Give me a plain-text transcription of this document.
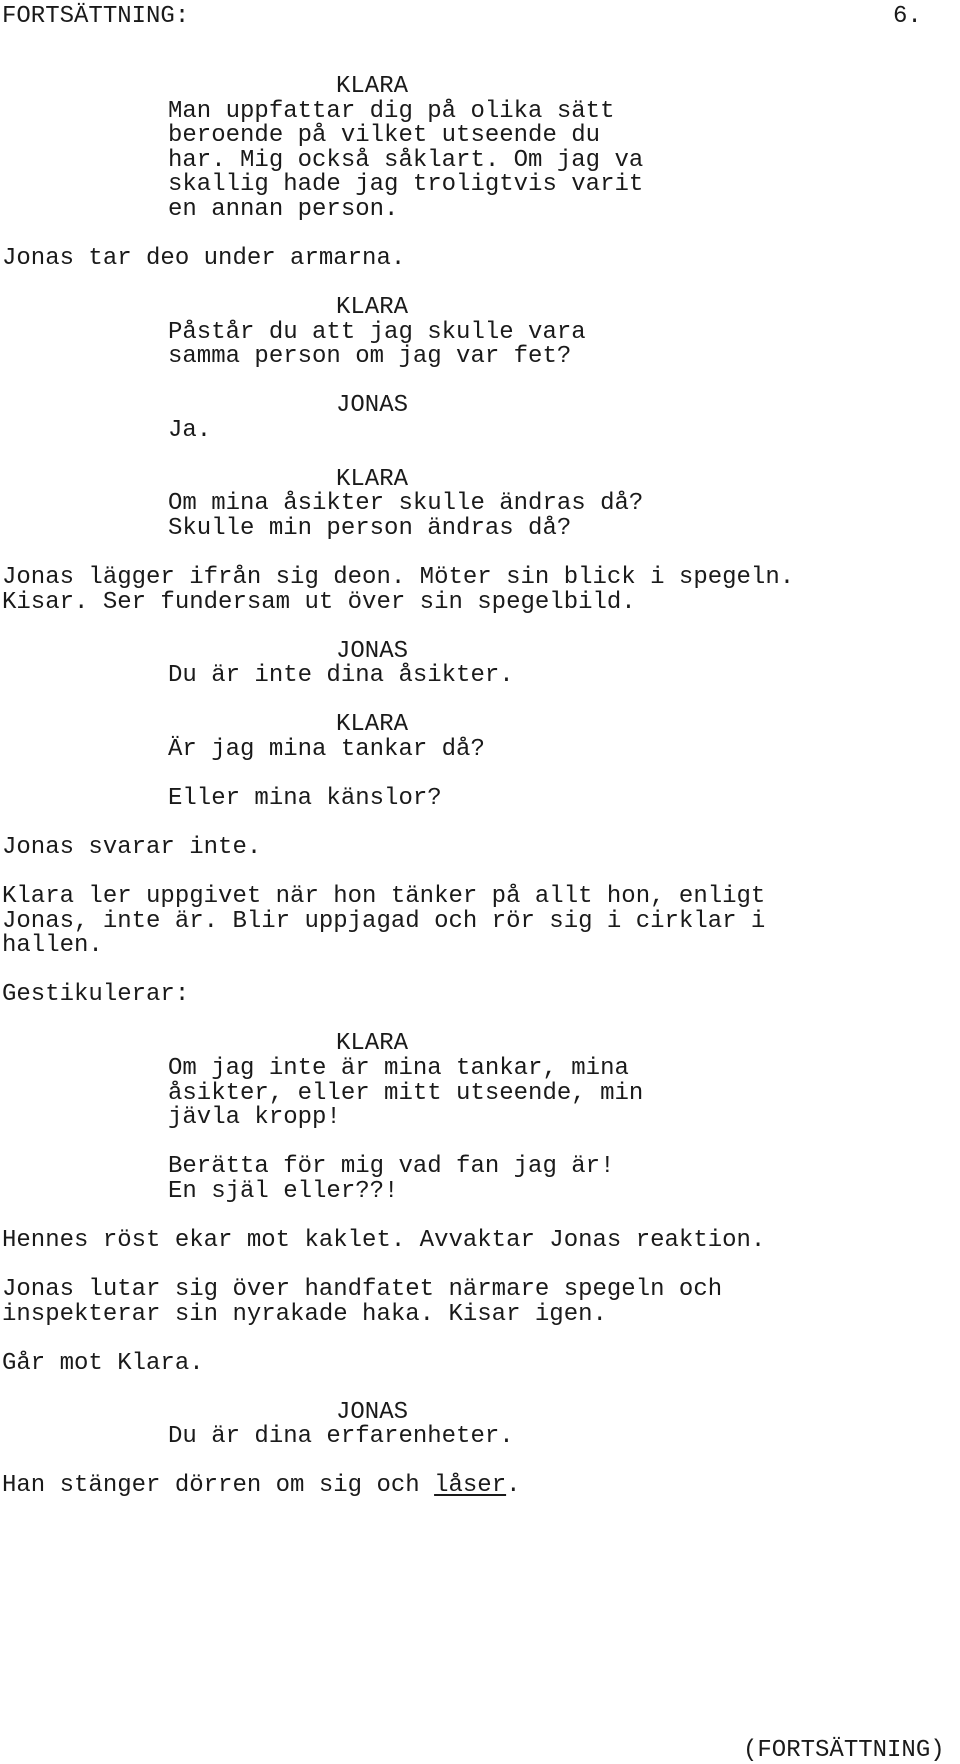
FORTSÄTTNING:	6.
KLARA
Man uppfattar dig på olika sätt
beroende på vilket utseende du
har. Mig också såklart. Om jag va
skallig hade jag troligtvis varit
en annan person.
Jonas tar deo under armarna.
KLARA
Påstår du att jag skulle vara
samma person om jag var fet?
JONAS
Ja.
KLARA
Om mina åsikter skulle ändras då?
Skulle min person ändras då?
Jonas lägger ifrån sig deon. Möter sin blick i spegeln.
Kisar. Ser fundersam ut över sin spegelbild.
JONAS
Du är inte dina åsikter.
KLARA
Är jag mina tankar då?
Eller mina känslor?
Jonas svarar inte.
Klara ler uppgivet när hon tänker på allt hon, enligt
Jonas, inte är. Blir uppjagad och rör sig i cirklar i
hallen.
Gestikulerar:
KLARA
Om jag inte är mina tankar, mina
åsikter, eller mitt utseende, min
jävla kropp!
Berätta för mig vad fan jag är!
En själ eller??!
Hennes röst ekar mot kaklet. Avvaktar Jonas reaktion.
Jonas lutar sig över handfatet närmare spegeln och
inspekterar sin nyrakade haka. Kisar igen.
Går mot Klara.
JONAS
Du är dina erfarenheter.
Han stänger dörren om sig och låser.
(FORTSÄTTNING)
